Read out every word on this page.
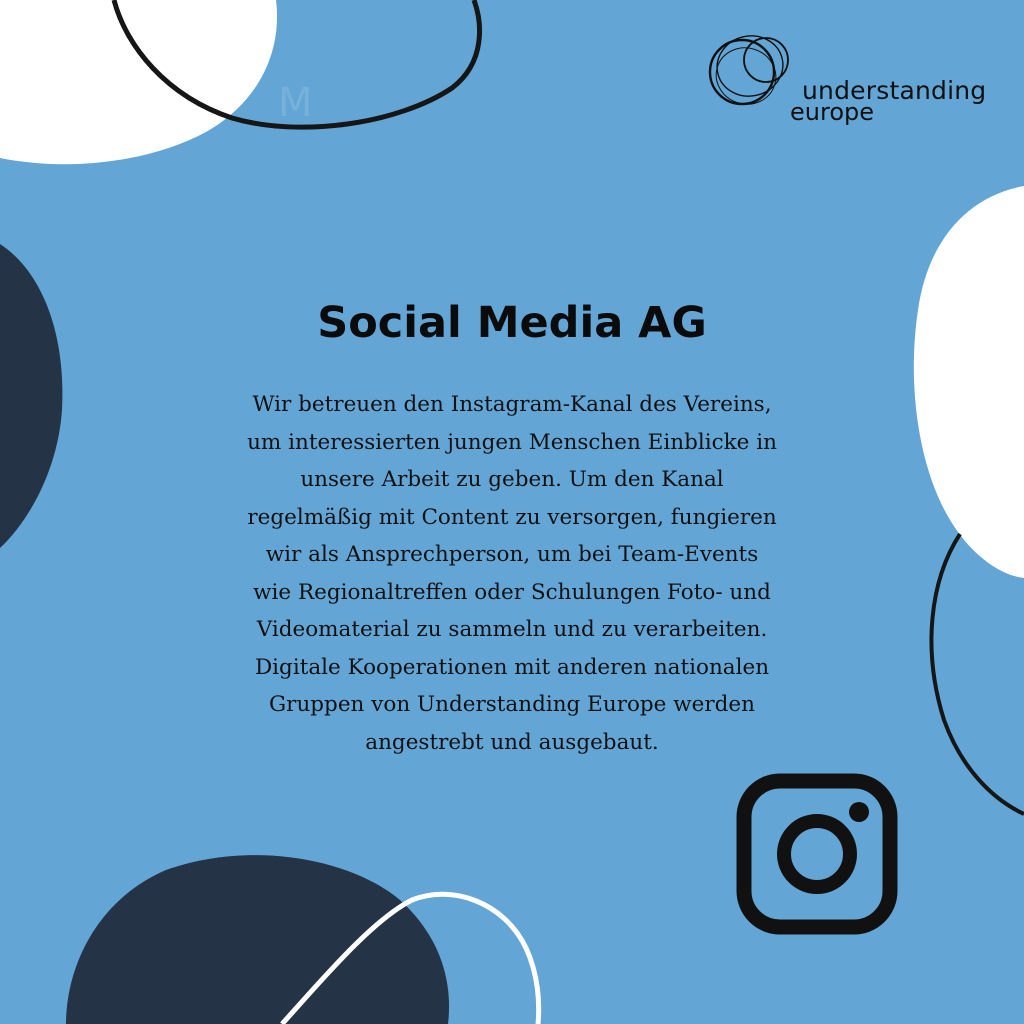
M	understanding
europe
Social Media AG

Wir betreuen den Instagram-Kanal des Vereins,
um interessierten jungen Menschen Einblicke in
unsere Arbeit zu geben. Um den Kanal
regelmäßig mit Content zu versorgen, fungieren
wir als Ansprechperson, um bei Team-Events
wie Regionaltreffen oder Schulungen Foto- und
Videomaterial zu sammeln und zu verarbeiten.
Digitale Kooperationen mit anderen nationalen
Gruppen von Understanding Europe werden
angestrebt und ausgebaut.
